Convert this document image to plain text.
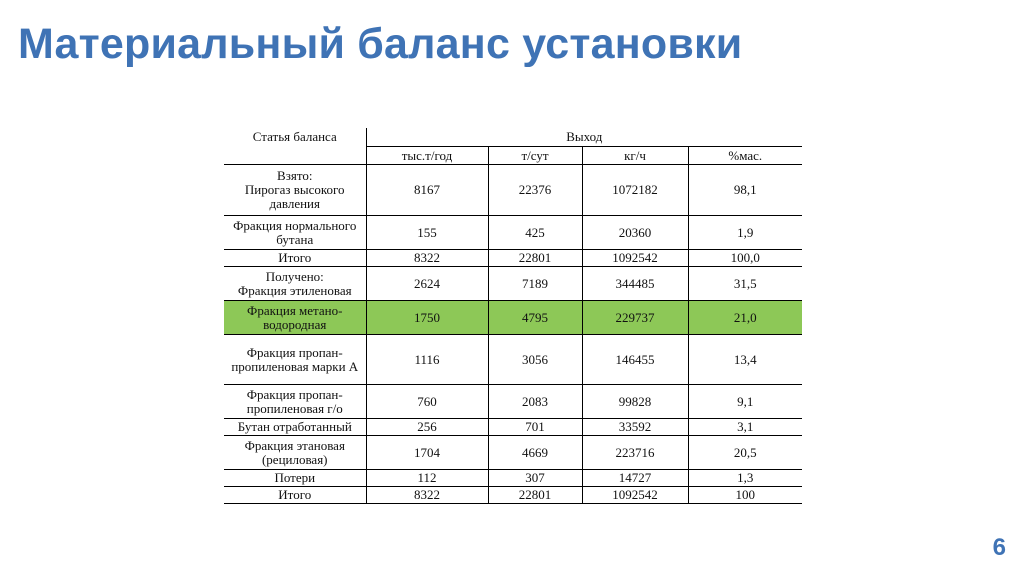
Материальный баланс установки
Статья баланса	Выход			
	тыс.т/год	т/сут	кг/ч	%мас.
Взято:
Пирогаз высокого давления	8167	22376	1072182	98,1
Фракция нормального бутана	155	425	20360	1,9
Итого	8322	22801	1092542	100,0
Получено:
Фракция этиленовая	2624	7189	344485	31,5
Фракция метано-водородная	1750	4795	229737	21,0
Фракция пропан-пропиленовая марки А	1116	3056	146455	13,4
Фракция пропан-пропиленовая г/о	760	2083	99828	9,1
Бутан отработанный	256	701	33592	3,1
Фракция этановая (рециловая)	1704	4669	223716	20,5
Потери	112	307	14727	1,3
Итого	8322	22801	1092542	100
6
